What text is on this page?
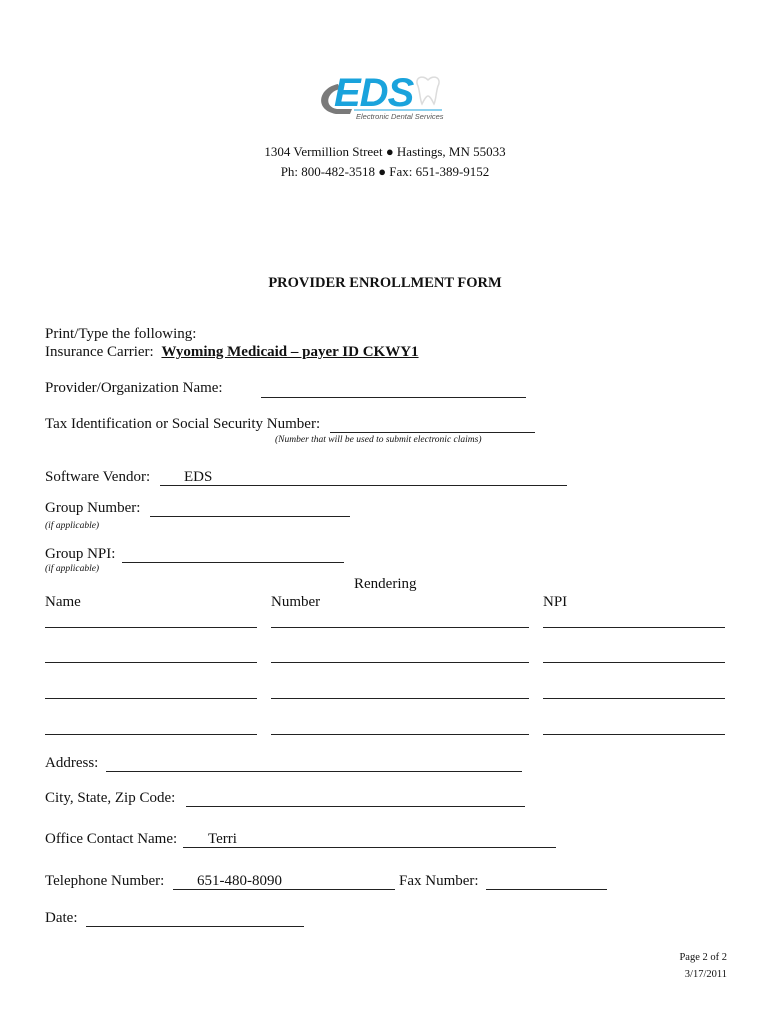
EDS
Electronic Dental Services
1304 Vermillion Street ● Hastings, MN 55033
Ph: 800-482-3518 ● Fax: 651-389-9152
PROVIDER ENROLLMENT FORM
Print/Type the following:
Insurance Carrier: Wyoming Medicaid – payer ID CKWY1
Provider/Organization Name:
Tax Identification or Social Security Number:
(Number that will be used to submit electronic claims)
Software Vendor: EDS
Group Number:
(if applicable)
Group NPI:
(if applicable)
Rendering
Name	Number	NPI
Address:
City, State, Zip Code:
Office Contact Name: Terri
Telephone Number: 651-480-8090	Fax Number:
Date:
Page 2 of 2
3/17/2011
